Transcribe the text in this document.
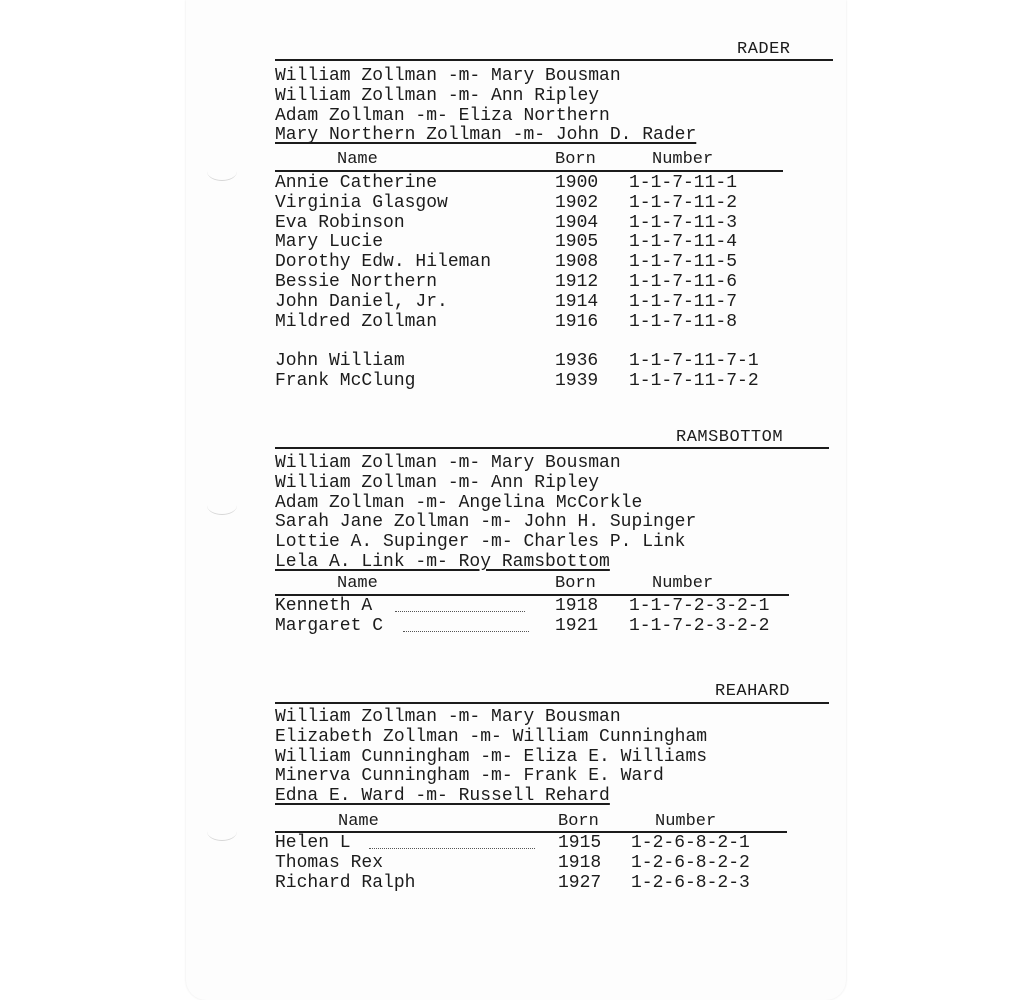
RADER
William Zollman -m- Mary Bousman
William Zollman -m- Ann Ripley
Adam Zollman -m- Eliza Northern
Mary Northern Zollman -m- John D. Rader
Name	Born	Number
Annie Catherine	1900 1-1-7-11-1
Virginia Glasgow	1902 1-1-7-11-2
Eva Robinson	1904 1-1-7-11-3
Mary Lucie	1905 1-1-7-11-4
Dorothy Edw. Hileman	1908 1-1-7-11-5
Bessie Northern	1912 1-1-7-11-6
John Daniel, Jr.	1914 1-1-7-11-7
Mildred Zollman	1916 1-1-7-11-8
John William	1936 1-1-7-11-7-1
Frank McClung	1939 1-1-7-11-7-2
RAMSBOTTOM
William Zollman -m- Mary Bousman
William Zollman -m- Ann Ripley
Adam Zollman -m- Angelina McCorkle
Sarah Jane Zollman -m- John H. Supinger
Lottie A. Supinger -m- Charles P. Link
Lela A. Link -m- Roy Ramsbottom
Name	Born	Number
Kenneth A	1918 1-1-7-2-3-2-1
Margaret C	1921 1-1-7-2-3-2-2
REAHARD
William Zollman -m- Mary Bousman
Elizabeth Zollman -m- William Cunningham
William Cunningham -m- Eliza E. Williams
Minerva Cunningham -m- Frank E. Ward
Edna E. Ward -m- Russell Rehard
Name	Born	Number
Helen L	1915 1-2-6-8-2-1
Thomas Rex	1918 1-2-6-8-2-2
Richard Ralph	1927 1-2-6-8-2-3
